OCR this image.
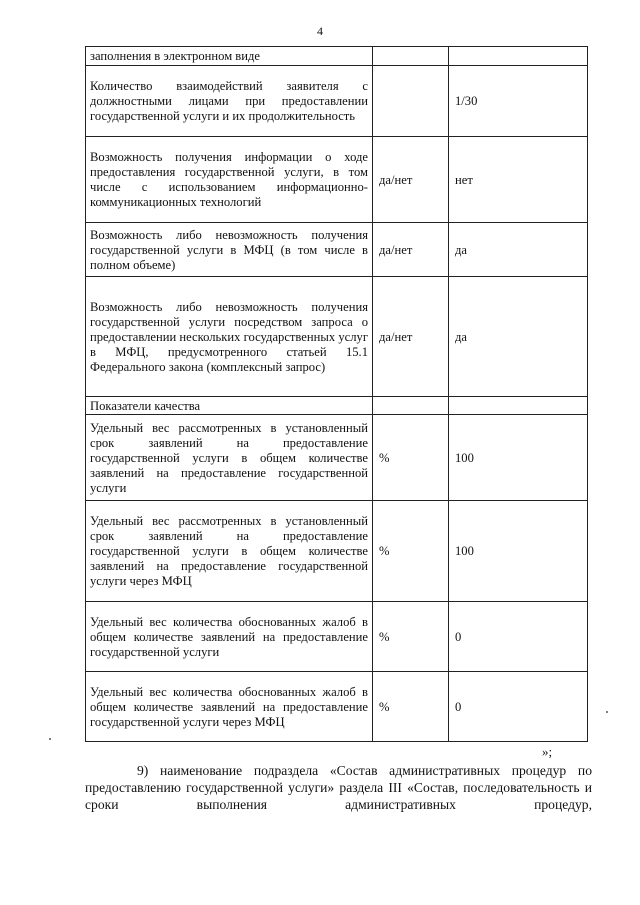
4
заполнения в электронном виде		
Количество взаимодействий заявителя с должностными лицами при предоставлении государственной услуги и их продолжительность		1/30
Возможность получения информации о ходе предоставления государственной услуги, в том числе с использованием информационно-коммуникационных технологий	да/нет	нет
Возможность либо невозможность получения государственной услуги в МФЦ (в том числе в полном объеме)	да/нет	да
Возможность либо невозможность получения государственной услуги посредством запроса о предоставлении нескольких государственных услуг в МФЦ, предусмотренного статьей 15.1 Федерального закона (комплексный запрос)	да/нет	да
Показатели качества		
Удельный вес рассмотренных в установленный срок заявлений на предоставление государственной услуги в общем количестве заявлений на предоставление государственной услуги	%	100
Удельный вес рассмотренных в установленный срок заявлений на предоставление государственной услуги в общем количестве заявлений на предоставление государственной услуги через МФЦ	%	100
Удельный вес количества обоснованных жалоб в общем количестве заявлений на предоставление государственной услуги	%	0
Удельный вес количества обоснованных жалоб в общем количестве заявлений на предоставление государственной услуги через МФЦ	%	0
»;
9) наименование подраздела «Состав административных процедур по предоставлению государственной услуги» раздела III «Состав, последовательность и сроки выполнения административных процедур,
